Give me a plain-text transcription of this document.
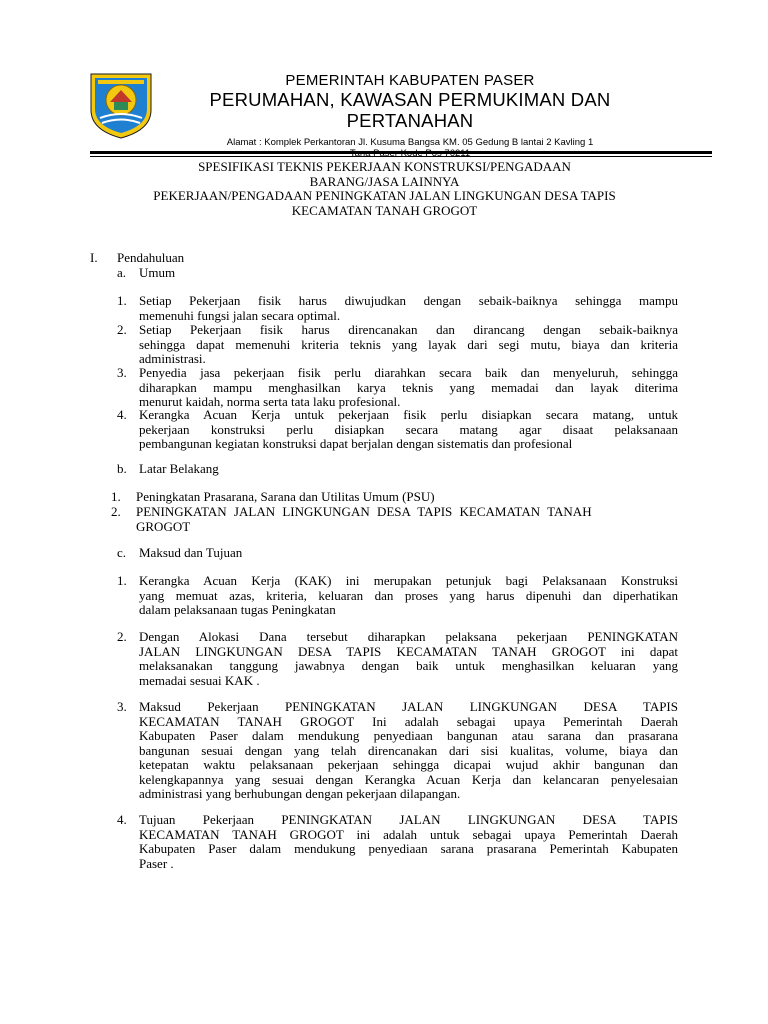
PEMERINTAH KABUPATEN PASER
PERUMAHAN, KAWASAN PERMUKIMAN DAN
PERTANAHAN
Alamat : Komplek Perkantoran Jl. Kusuma Bangsa KM. 05 Gedung B lantai 2 Kavling 1
SPESIFIKASI TEKNIS PEKERJAAN KONSTRUKSI/PENGADAAN
BARANG/JASA LAINNYA
PEKERJAAN/PENGADAAN PENINGKATAN JALAN LINGKUNGAN DESA TAPIS
KECAMATAN TANAH GROGOT
I. Pendahuluan
a. Umum
1. Setiap Pekerjaan fisik harus diwujudkan dengan sebaik-baiknya sehingga mampu
memenuhi fungsi jalan secara optimal.
2. Setiap Pekerjaan fisik harus direncanakan dan dirancang dengan sebaik-baiknya
sehingga dapat memenuhi kriteria teknis yang layak dari segi mutu, biaya dan kriteria
administrasi.
3. Penyedia jasa pekerjaan fisik perlu diarahkan secara baik dan menyeluruh, sehingga
diharapkan mampu menghasilkan karya teknis yang memadai dan layak diterima
menurut kaidah, norma serta tata laku profesional.
4. Kerangka Acuan Kerja untuk pekerjaan fisik perlu disiapkan secara matang, untuk
pekerjaan konstruksi perlu disiapkan secara matang agar disaat pelaksanaan
pembangunan kegiatan konstruksi dapat berjalan dengan sistematis dan profesional
b. Latar Belakang
1. Peningkatan Prasarana, Sarana dan Utilitas Umum (PSU)
2. PENINGKATAN JALAN LINGKUNGAN DESA TAPIS KECAMATAN TANAH
GROGOT
c. Maksud dan Tujuan
1. Kerangka Acuan Kerja (KAK) ini merupakan petunjuk bagi Pelaksanaan Konstruksi
yang memuat azas, kriteria, keluaran dan proses yang harus dipenuhi dan diperhatikan
dalam pelaksanaan tugas Peningkatan
2. Dengan Alokasi Dana tersebut diharapkan pelaksana pekerjaan PENINGKATAN
JALAN LINGKUNGAN DESA TAPIS KECAMATAN TANAH GROGOT ini dapat
melaksanakan tanggung jawabnya dengan baik untuk menghasilkan keluaran yang
memadai sesuai KAK .
3. Maksud Pekerjaan PENINGKATAN JALAN LINGKUNGAN DESA TAPIS
KECAMATAN TANAH GROGOT Ini adalah sebagai upaya Pemerintah Daerah
Kabupaten Paser dalam mendukung penyediaan bangunan atau sarana dan prasarana
bangunan sesuai dengan yang telah direncanakan dari sisi kualitas, volume, biaya dan
ketepatan waktu pelaksanaan pekerjaan sehingga dicapai wujud akhir bangunan dan
kelengkapannya yang sesuai dengan Kerangka Acuan Kerja dan kelancaran penyelesaian
administrasi yang berhubungan dengan pekerjaan dilapangan.
4. Tujuan Pekerjaan PENINGKATAN JALAN LINGKUNGAN DESA TAPIS
KECAMATAN TANAH GROGOT ini adalah untuk sebagai upaya Pemerintah Daerah
Kabupaten Paser dalam mendukung penyediaan sarana prasarana Pemerintah Kabupaten
Paser .
